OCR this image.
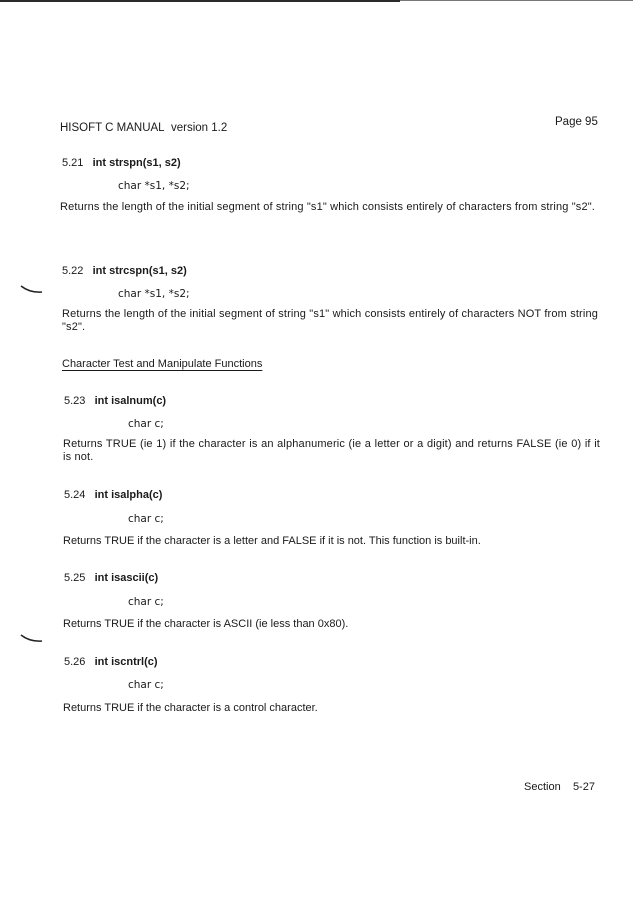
HISOFT C MANUAL version 1.2	Page 95
5.21 int strspn(s1, s2)
char *s1, *s2;
Returns the length of the initial segment of string "s1" which consists entirely of characters from string "s2".
5.22 int strcspn(s1, s2)
char *s1, *s2;
Returns the length of the initial segment of string "s1" which consists entirely of characters NOT from string "s2".
Character Test and Manipulate Functions
5.23 int isalnum(c)
char c;
Returns TRUE (ie 1) if the character is an alphanumeric (ie a letter or a digit) and returns FALSE (ie 0) if it is not.
5.24 int isalpha(c)
char c;
Returns TRUE if the character is a letter and FALSE if it is not. This function is built-in.
5.25 int isascii(c)
char c;
Returns TRUE if the character is ASCII (ie less than 0x80).
5.26 int iscntrl(c)
char c;
Returns TRUE if the character is a control character.
Section 5-27
